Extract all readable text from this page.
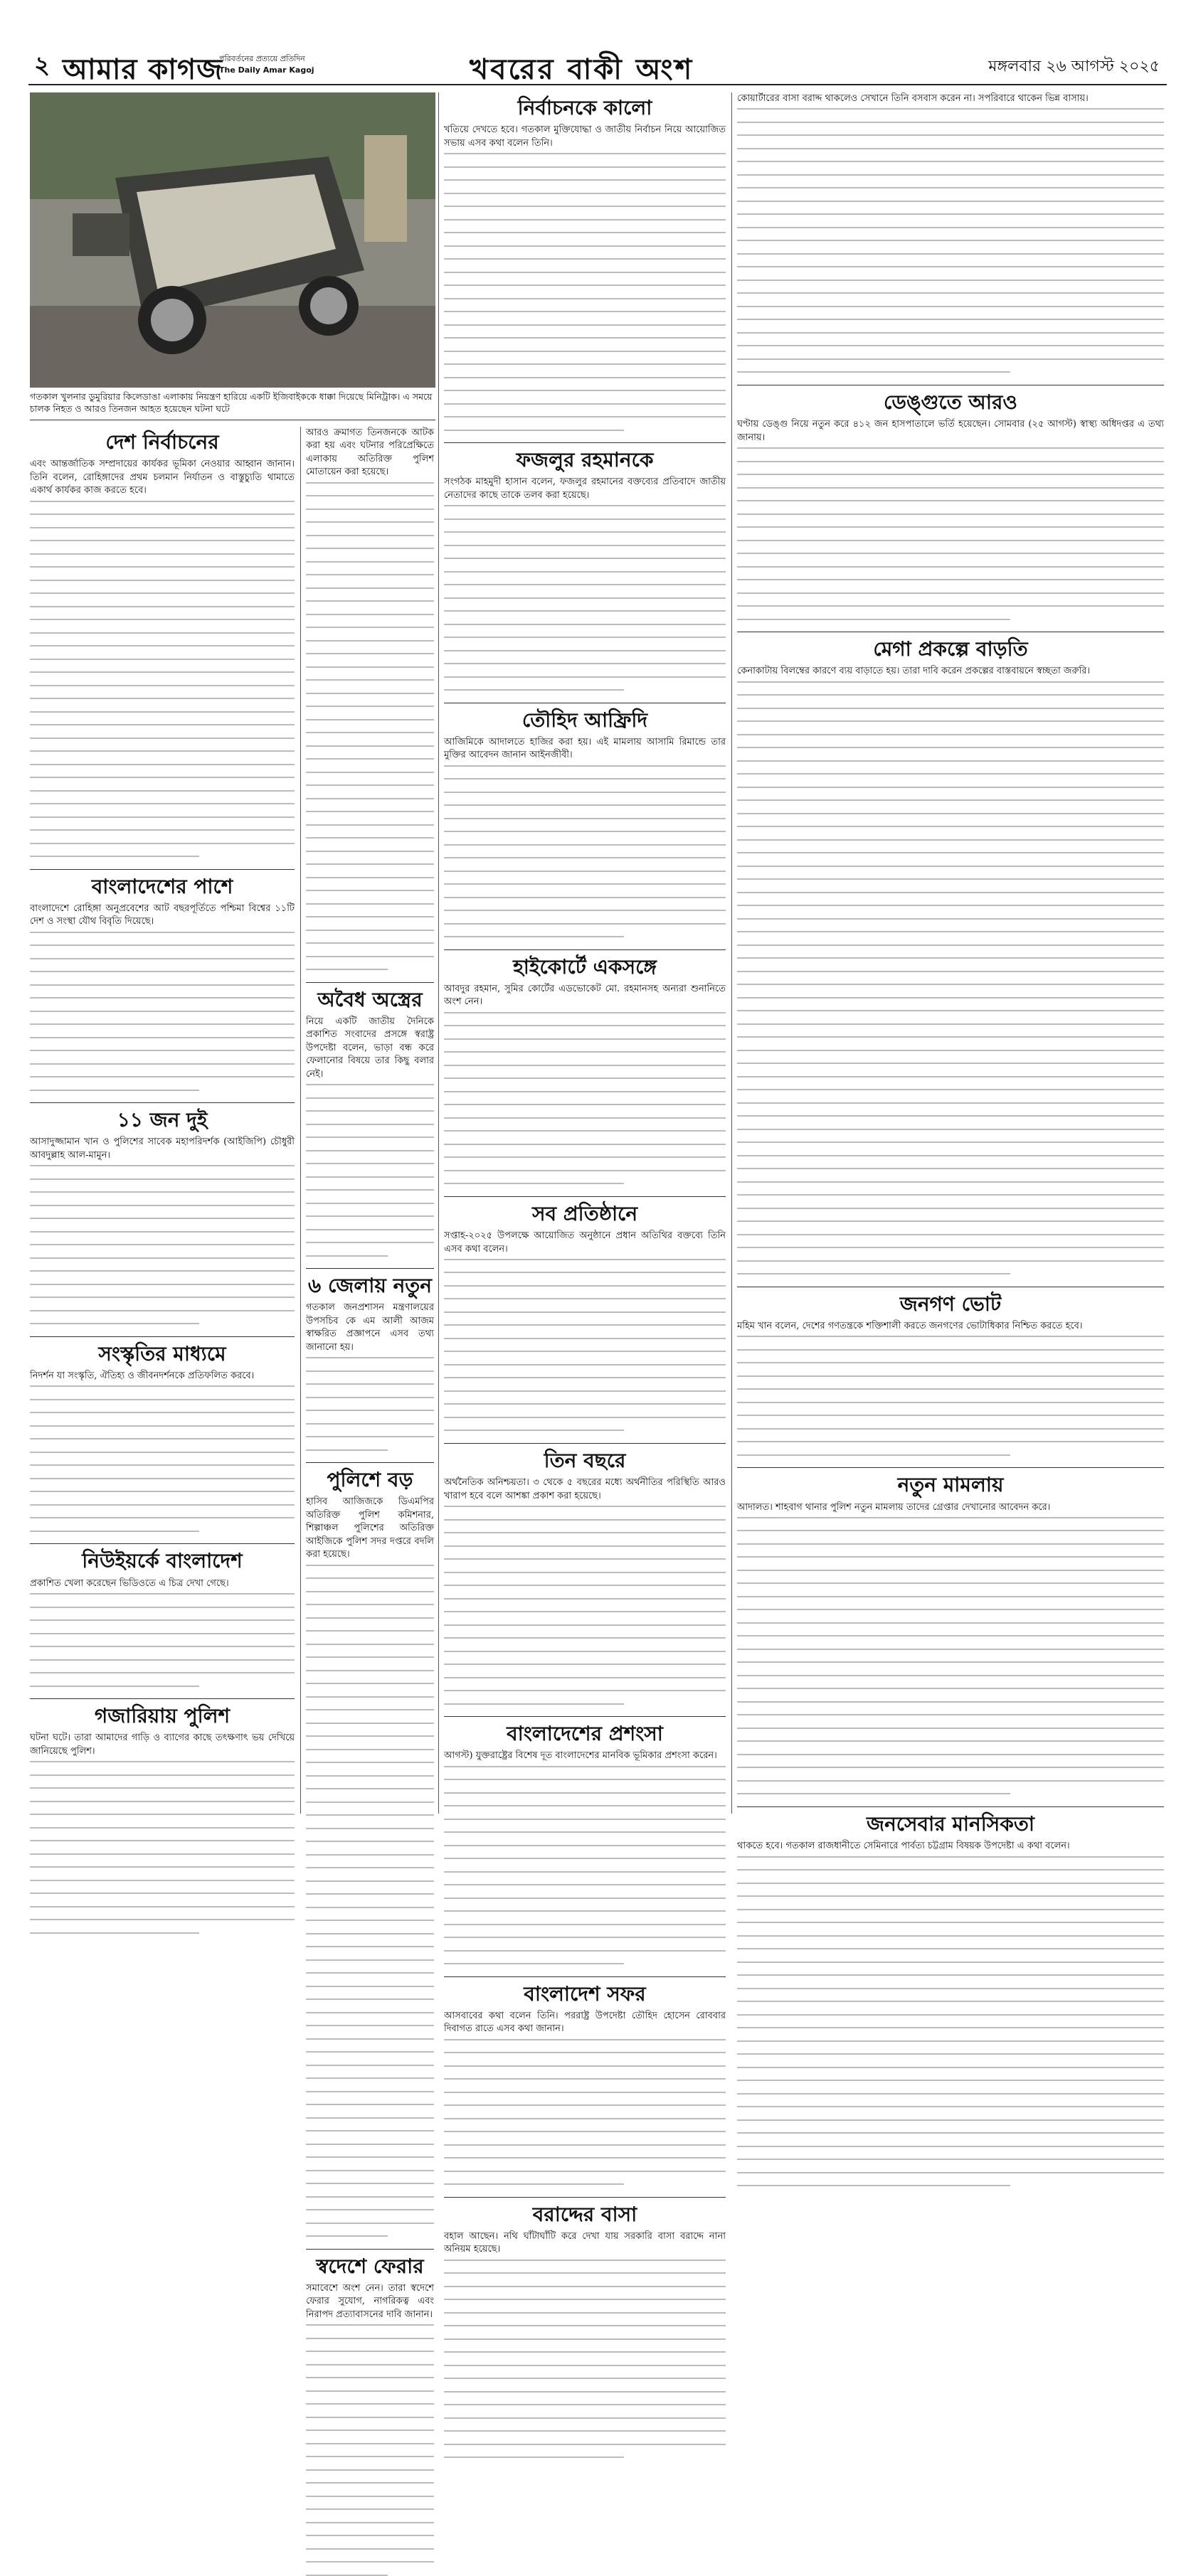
২ আমার কাগজ
পরিবর্তনের প্রত্যয়ে প্রতিদিন
The Daily Amar Kagoj	খবরের বাকী অংশ	মঙ্গলবার ২৬ আগস্ট ২০২৫
গতকাল খুলনার ডুমুরিয়ার কিলেডাঙা এলাকায় নিয়ন্ত্রণ হারিয়ে একটি ইজিবাইককে ধাক্কা দিয়েছে মিনিট্রাক। এ সময়ে চালক নিহত ও আরও তিনজন আহত হয়েছেন ঘটনা ঘটে
দেশ নির্বাচনের

এবং আন্তর্জাতিক সম্প্রদায়ের কার্যকর ভূমিকা নেওয়ার আহ্বান জানান। তিনি বলেন, রোহিঙ্গাদের প্রথম চলমান নির্যাতন ও বাস্তুচ্যুতি থামাতে একার্থ কার্যকর কাজ করতে হবে।

বাংলাদেশের পাশে

বাংলাদেশে রোহিঙ্গা অনুপ্রবেশের আট বছরপূর্তিতে পশ্চিমা বিশ্বের ১১টি দেশ ও সংস্থা যৌথ বিবৃতি দিয়েছে।

১১ জন দুই

আসাদুজ্জামান খান ও পুলিশের সাবেক মহাপরিদর্শক (আইজিপি) চৌধুরী আবদুল্লাহ আল-মামুন।

সংস্কৃতির মাধ্যমে

নিদর্শন যা সংস্কৃতি, ঐতিহ্য ও জীবনদর্শনকে প্রতিফলিত করবে।

নিউইয়র্কে বাংলাদেশ

প্রকাশিত খেলা করেছেন ভিডিওতে এ চিত্র দেখা গেছে।

গজারিয়ায় পুলিশ

ঘটনা ঘটে। তারা আমাদের গাড়ি ও ব্যাগের কাছে তৎক্ষণাৎ ভয় দেখিয়ে জানিয়েছে পুলিশ।

আরও ক্রমাগত তিনজনকে আটক করা হয় এবং ঘটনার পরিপ্রেক্ষিতে এলাকায় অতিরিক্ত পুলিশ মোতায়েন করা হয়েছে।

অবৈধ অস্ত্রের

নিয়ে একটি জাতীয় দৈনিকে প্রকাশিত সংবাদের প্রসঙ্গে স্বরাষ্ট্র উপদেষ্টা বলেন, ভাড়া বন্ধ করে ফেলানোর বিষয়ে তার কিছু বলার নেই।

৬ জেলায় নতুন

গতকাল জনপ্রশাসন মন্ত্রণালয়ের উপসচিব কে এম আলী আজম স্বাক্ষরিত প্রজ্ঞাপনে এসব তথ্য জানানো হয়।

পুলিশে বড়

হাসিব আজিজকে ডিএমপির অতিরিক্ত পুলিশ কমিশনার, শিল্পাঞ্চল পুলিশের অতিরিক্ত আইজিকে পুলিশ সদর দপ্তরে বদলি করা হয়েছে।

স্বদেশে ফেরার

সমাবেশে অংশ নেন। তারা স্বদেশে ফেরার সুযোগ, নাগরিকত্ব এবং নিরাপদ প্রত্যাবাসনের দাবি জানান।

নির্বাচনকে কালো

খতিয়ে দেখতে হবে। গতকাল মুক্তিযোদ্ধা ও জাতীয় নির্বাচন নিয়ে আয়োজিত সভায় এসব কথা বলেন তিনি।

ফজলুর রহমানকে

সংগঠক মাহমুদী হাসান বলেন, ফজলুর রহমানের বক্তব্যের প্রতিবাদে জাতীয় নেতাদের কাছে তাকে তলব করা হয়েছে।

তৌহিদ আফ্রিদি

আজিমিকে আদালতে হাজির করা হয়। এই মামলায় আসামি রিমান্ডে তার মুক্তির আবেদন জানান আইনজীবী।

হাইকোর্টে একসঙ্গে

আবদুর রহমান, সুমির কোর্টের এডভোকেট মো. রহমানসহ অন্যরা শুনানিতে অংশ নেন।

সব প্রতিষ্ঠানে

সপ্তাহ-২০২৫ উপলক্ষে আয়োজিত অনুষ্ঠানে প্রধান অতিথির বক্তব্যে তিনি এসব কথা বলেন।

তিন বছরে

অর্থনৈতিক অনিশ্চয়তা। ৩ থেকে ৫ বছরের মধ্যে অর্থনীতির পরিস্থিতি আরও খারাপ হবে বলে আশঙ্কা প্রকাশ করা হয়েছে।

বাংলাদেশের প্রশংসা

আগস্ট) যুক্তরাষ্ট্রের বিশেষ দূত বাংলাদেশের মানবিক ভূমিকার প্রশংসা করেন।

বাংলাদেশ সফর

আসবাবের কথা বলেন তিনি। পররাষ্ট্র উপদেষ্টা তৌহিদ হোসেন রোববার দিবাগত রাতে এসব কথা জানান।

বরাদ্দের বাসা

বহাল আছেন। নথি ঘাঁটাঘাঁটি করে দেখা যায় সরকারি বাসা বরাদ্দে নানা অনিয়ম হয়েছে।

কোয়ার্টারের বাসা বরাদ্দ থাকলেও সেখানে তিনি বসবাস করেন না। সপরিবারে থাকেন ভিন্ন বাসায়।

ডেঙ্গুতে আরও

ঘণ্টায় ডেঙ্গু নিয়ে নতুন করে ৪১২ জন হাসপাতালে ভর্তি হয়েছেন। সোমবার (২৫ আগস্ট) স্বাস্থ্য অধিদপ্তর এ তথ্য জানায়।

মেগা প্রকল্পে বাড়তি

কেনাকাটায় বিলম্বের কারণে ব্যয় বাড়াতে হয়। তারা দাবি করেন প্রকল্পের বাস্তবায়নে স্বচ্ছতা জরুরি।

জনগণ ভোট

মহিম খান বলেন, দেশের গণতন্ত্রকে শক্তিশালী করতে জনগণের ভোটাধিকার নিশ্চিত করতে হবে।

নতুন মামলায়

আদালত। শাহবাগ থানার পুলিশ নতুন মামলায় তাদের গ্রেপ্তার দেখানোর আবেদন করে।

জনসেবার মানসিকতা

থাকতে হবে। গতকাল রাজধানীতে সেমিনারে পার্বত্য চট্টগ্রাম বিষয়ক উপদেষ্টা এ কথা বলেন।
